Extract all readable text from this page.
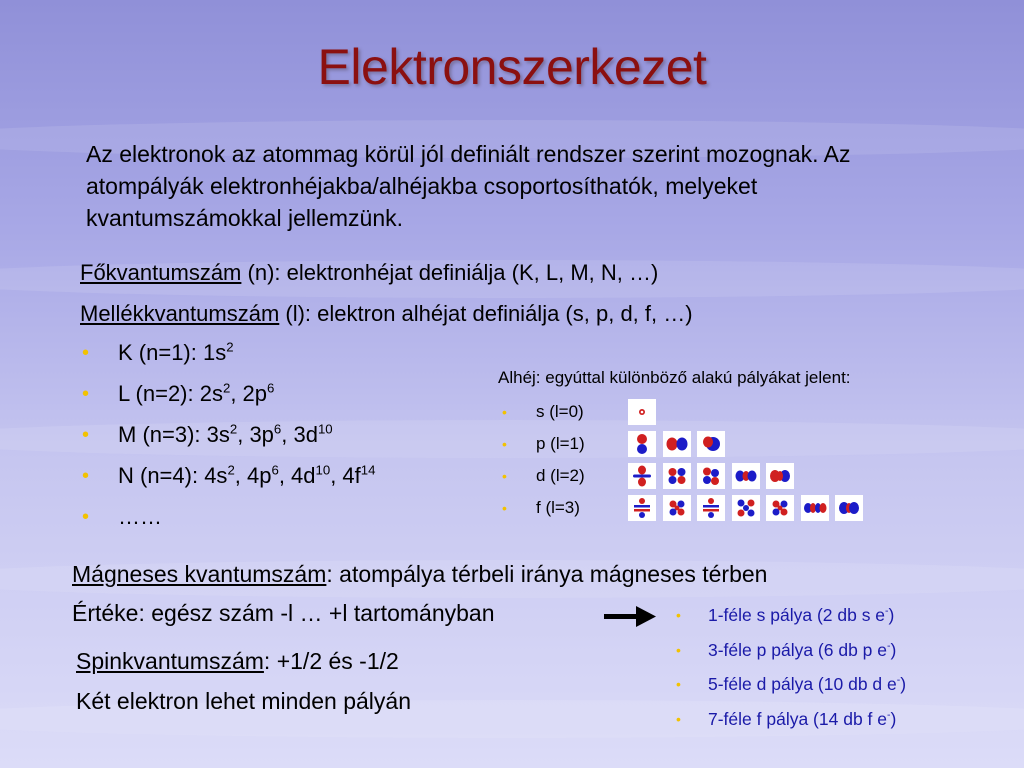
Elektronszerkezet
Az elektronok az atommag körül jól definiált rendszer szerint mozognak. Az atompályák elektronhéjakba/alhéjakba csoportosíthatók, melyeket kvantumszámokkal jellemzünk.
Főkvantumszám (n): elektronhéjat definiálja (K, L, M, N, …)
Mellékkvantumszám (l): elektron alhéjat definiálja (s, p, d, f, …)
• K (n=1): $1s^2$
• L (n=2): $2s^2$, $2p^6$
• M (n=3): $3s^2$, $3p^6$, $3d^{10}$
• N (n=4): $4s^2$, $4p^6$, $4d^{10}$, $4f^{14}$
• ……
Alhéj: egyúttal különböző alakú pályákat jelent:
• s (l=0)
• p (l=1)
• d (l=2)
• f (l=3)
Mágneses kvantumszám: atompálya térbeli iránya mágneses térben
Értéke: egész szám -l … +l tartományban
Spinkvantumszám: +1/2 és -1/2
Két elektron lehet minden pályán
• 1-féle s pálya (2 db s e-)
• 3-féle p pálya (6 db p e-)
• 5-féle d pálya (10 db d e-)
• 7-féle f pálya (14 db f e-)
